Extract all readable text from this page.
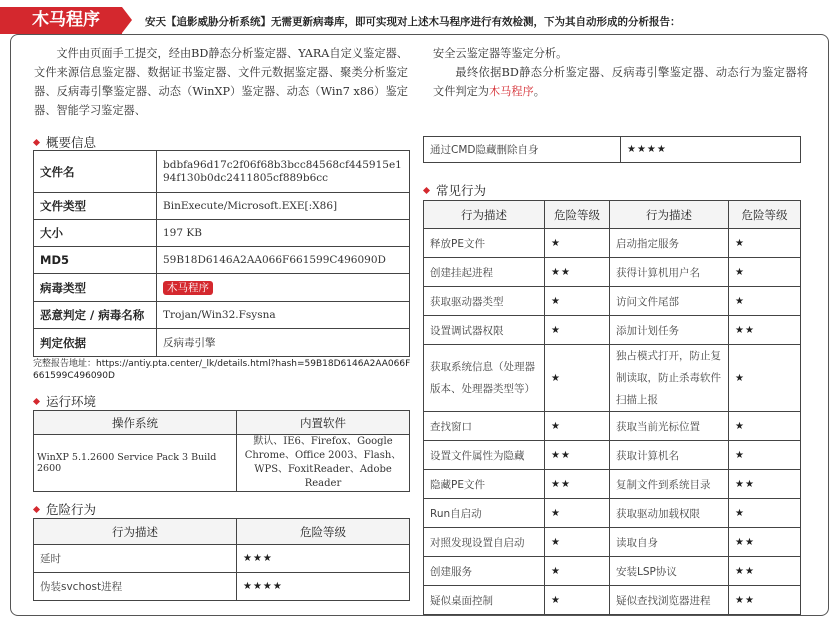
木马程序	安天【追影威胁分析系统】无需更新病毒库，即可实现对上述木马程序进行有效检测，下为其自动形成的分析报告：
文件由页面手工提交，经由BD静态分析鉴定器、YARA自定义鉴定器、文件来源信息鉴定器、数据证书鉴定器、文件元数据鉴定器、聚类分析鉴定器、反病毒引擎鉴定器、动态（WinXP）鉴定器、动态（Win7 x86）鉴定器、智能学习鉴定器、
安全云鉴定器等鉴定分析。
最终依据BD静态分析鉴定器、反病毒引擎鉴定器、动态行为鉴定器将文件判定为木马程序。
概要信息
文件名	bdbfa96d17c2f06f68b3bcc84568cf445915e194f130b0dc2411805cf889b6cc
文件类型	BinExecute/Microsoft.EXE[:X86]
大小	197 KB
MD5	59B18D6146A2AA066F661599C496090D
病毒类型	木马程序
恶意判定 / 病毒名称	Trojan/Win32.Fsysna
判定依据	反病毒引擎
完整报告地址：https://antiy.pta.center/_lk/details.html?hash=59B18D6146A2AA066F661599C496090D
运行环境
操作系统	内置软件
WinXP 5.1.2600 Service Pack 3 Build 2600	默认、IE6、Firefox、Google Chrome、Office 2003、Flash、WPS、FoxitReader、Adobe Reader
危险行为
行为描述	危险等级
延时	★★★
伪装svchost进程	★★★★
通过CMD隐藏删除自身	★★★★
常见行为
行为描述	危险等级	行为描述	危险等级
释放PE文件	★	启动指定服务	★
创建挂起进程	★★	获得计算机用户名	★
获取驱动器类型	★	访问文件尾部	★
设置调试器权限	★	添加计划任务	★★
获取系统信息（处理器版本、处理器类型等）	★	独占模式打开，防止复制读取，防止杀毒软件扫描上报	★
查找窗口	★	获取当前光标位置	★
设置文件属性为隐藏	★★	获取计算机名	★
隐藏PE文件	★★	复制文件到系统目录	★★
Run自启动	★	获取驱动加载权限	★
对照发现设置自启动	★	读取自身	★★
创建服务	★	安装LSP协议	★★
疑似桌面控制	★	疑似查找浏览器进程	★★
